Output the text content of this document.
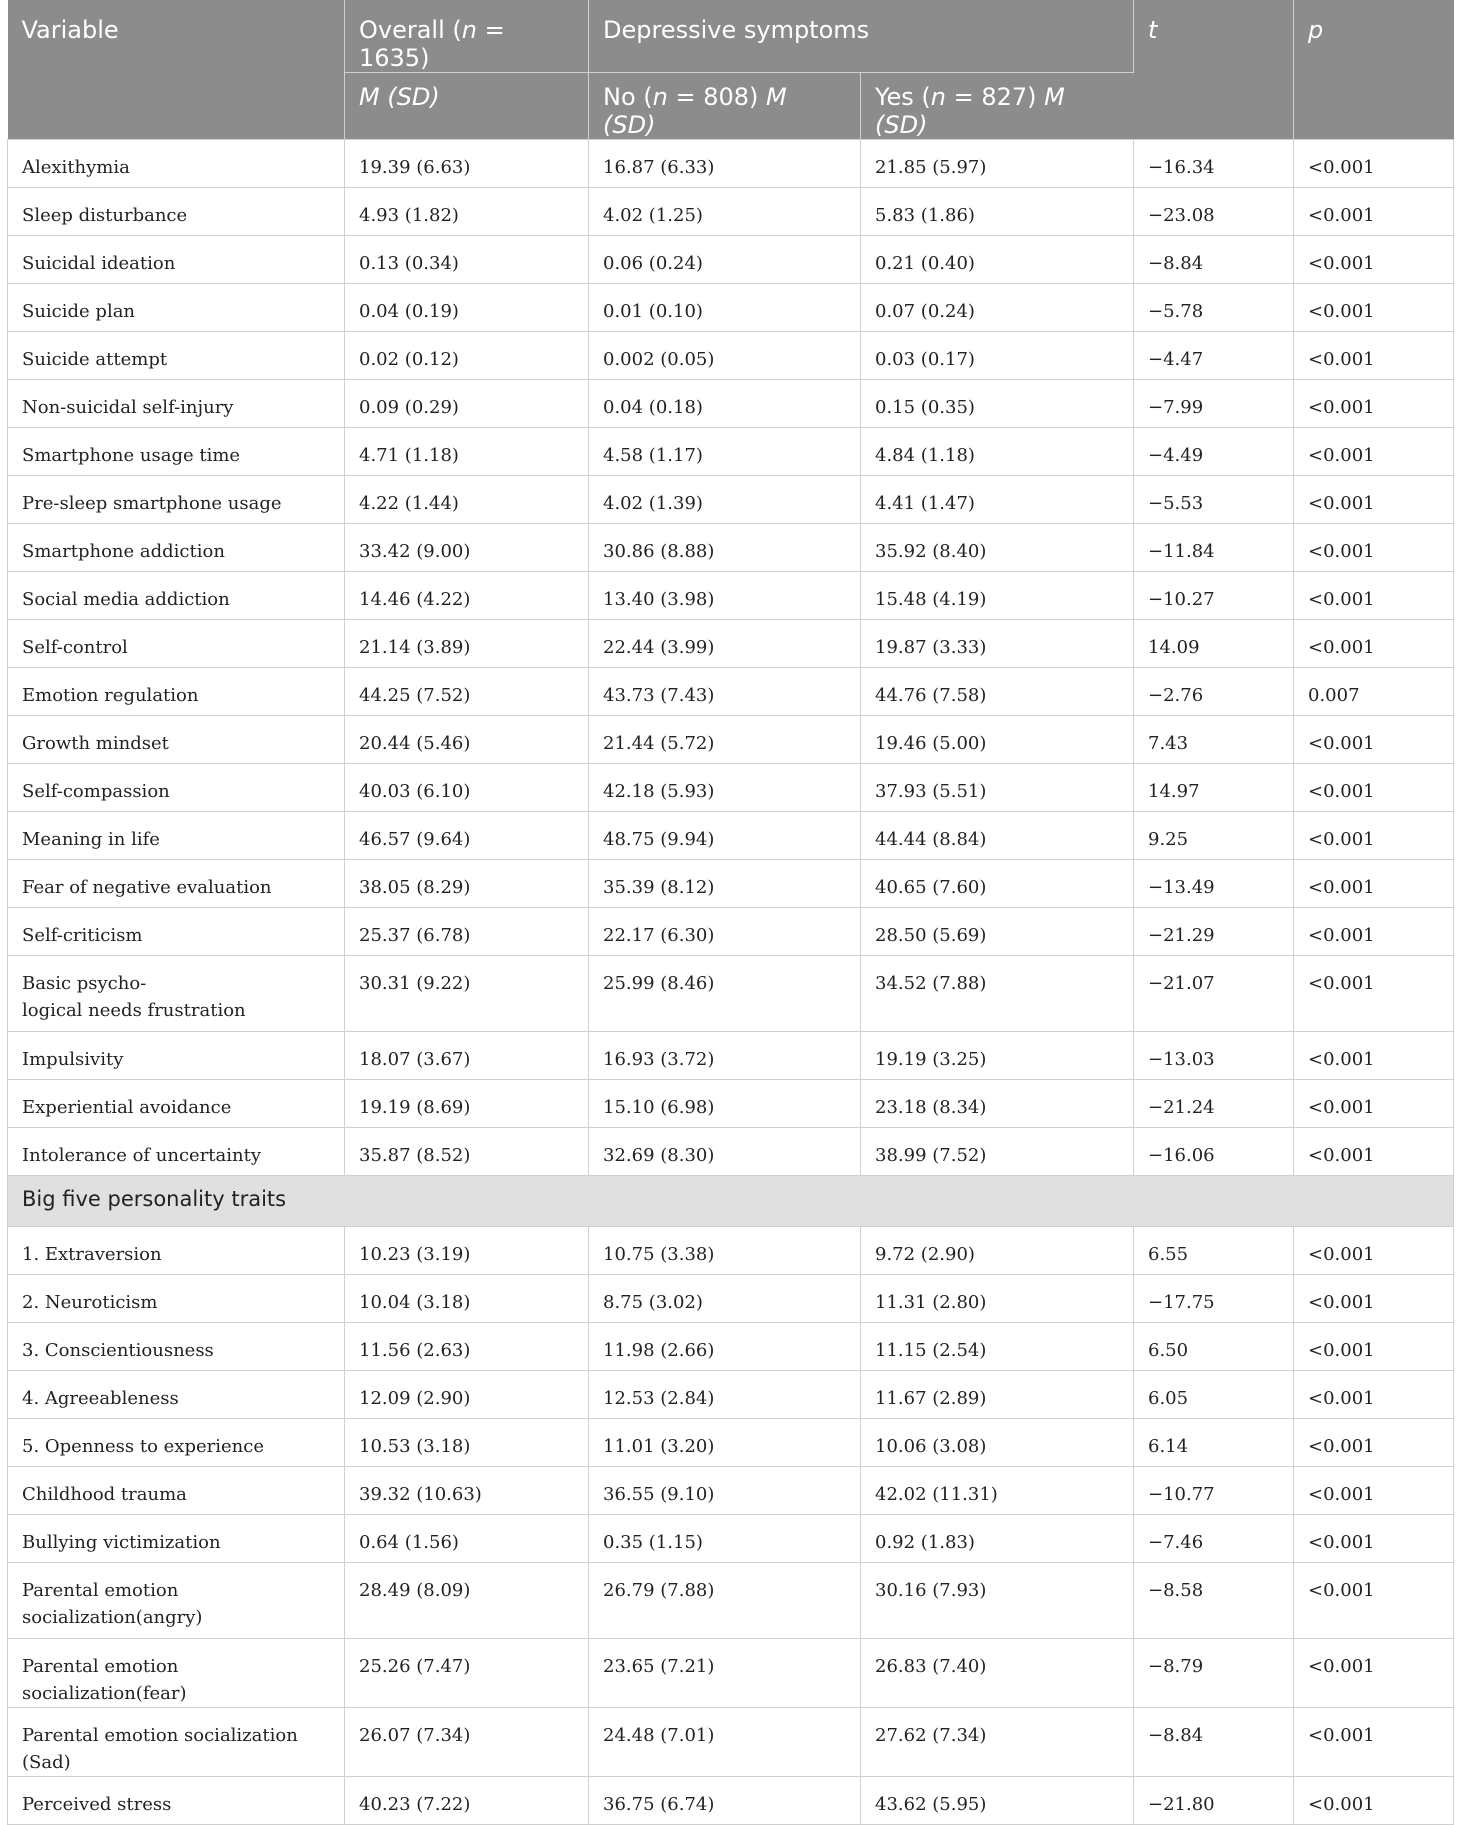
Variable	Overall (n = 1635)	Depressive symptoms		t	p
	M (SD)	No (n = 808) M (SD)	Yes (n = 827) M (SD)		
Alexithymia	19.39 (6.63)	16.87 (6.33)	21.85 (5.97)	−16.34	<0.001
Sleep disturbance	4.93 (1.82)	4.02 (1.25)	5.83 (1.86)	−23.08	<0.001
Suicidal ideation	0.13 (0.34)	0.06 (0.24)	0.21 (0.40)	−8.84	<0.001
Suicide plan	0.04 (0.19)	0.01 (0.10)	0.07 (0.24)	−5.78	<0.001
Suicide attempt	0.02 (0.12)	0.002 (0.05)	0.03 (0.17)	−4.47	<0.001
Non-suicidal self-injury	0.09 (0.29)	0.04 (0.18)	0.15 (0.35)	−7.99	<0.001
Smartphone usage time	4.71 (1.18)	4.58 (1.17)	4.84 (1.18)	−4.49	<0.001
Pre-sleep smartphone usage	4.22 (1.44)	4.02 (1.39)	4.41 (1.47)	−5.53	<0.001
Smartphone addiction	33.42 (9.00)	30.86 (8.88)	35.92 (8.40)	−11.84	<0.001
Social media addiction	14.46 (4.22)	13.40 (3.98)	15.48 (4.19)	−10.27	<0.001
Self-control	21.14 (3.89)	22.44 (3.99)	19.87 (3.33)	14.09	<0.001
Emotion regulation	44.25 (7.52)	43.73 (7.43)	44.76 (7.58)	−2.76	0.007
Growth mindset	20.44 (5.46)	21.44 (5.72)	19.46 (5.00)	7.43	<0.001
Self-compassion	40.03 (6.10)	42.18 (5.93)	37.93 (5.51)	14.97	<0.001
Meaning in life	46.57 (9.64)	48.75 (9.94)	44.44 (8.84)	9.25	<0.001
Fear of negative evaluation	38.05 (8.29)	35.39 (8.12)	40.65 (7.60)	−13.49	<0.001
Self-criticism	25.37 (6.78)	22.17 (6.30)	28.50 (5.69)	−21.29	<0.001
Basic psycho-
logical needs frustration	30.31 (9.22)	25.99 (8.46)	34.52 (7.88)	−21.07	<0.001
Impulsivity	18.07 (3.67)	16.93 (3.72)	19.19 (3.25)	−13.03	<0.001
Experiential avoidance	19.19 (8.69)	15.10 (6.98)	23.18 (8.34)	−21.24	<0.001
Intolerance of uncertainty	35.87 (8.52)	32.69 (8.30)	38.99 (7.52)	−16.06	<0.001
Big five personality traits					
1. Extraversion	10.23 (3.19)	10.75 (3.38)	9.72 (2.90)	6.55	<0.001
2. Neuroticism	10.04 (3.18)	8.75 (3.02)	11.31 (2.80)	−17.75	<0.001
3. Conscientiousness	11.56 (2.63)	11.98 (2.66)	11.15 (2.54)	6.50	<0.001
4. Agreeableness	12.09 (2.90)	12.53 (2.84)	11.67 (2.89)	6.05	<0.001
5. Openness to experience	10.53 (3.18)	11.01 (3.20)	10.06 (3.08)	6.14	<0.001
Childhood trauma	39.32 (10.63)	36.55 (9.10)	42.02 (11.31)	−10.77	<0.001
Bullying victimization	0.64 (1.56)	0.35 (1.15)	0.92 (1.83)	−7.46	<0.001
Parental emotion
socialization(angry)	28.49 (8.09)	26.79 (7.88)	30.16 (7.93)	−8.58	<0.001
Parental emotion socialization(fear)	25.26 (7.47)	23.65 (7.21)	26.83 (7.40)	−8.79	<0.001
Parental emotion socialization (Sad)	26.07 (7.34)	24.48 (7.01)	27.62 (7.34)	−8.84	<0.001
Perceived stress	40.23 (7.22)	36.75 (6.74)	43.62 (5.95)	−21.80	<0.001
